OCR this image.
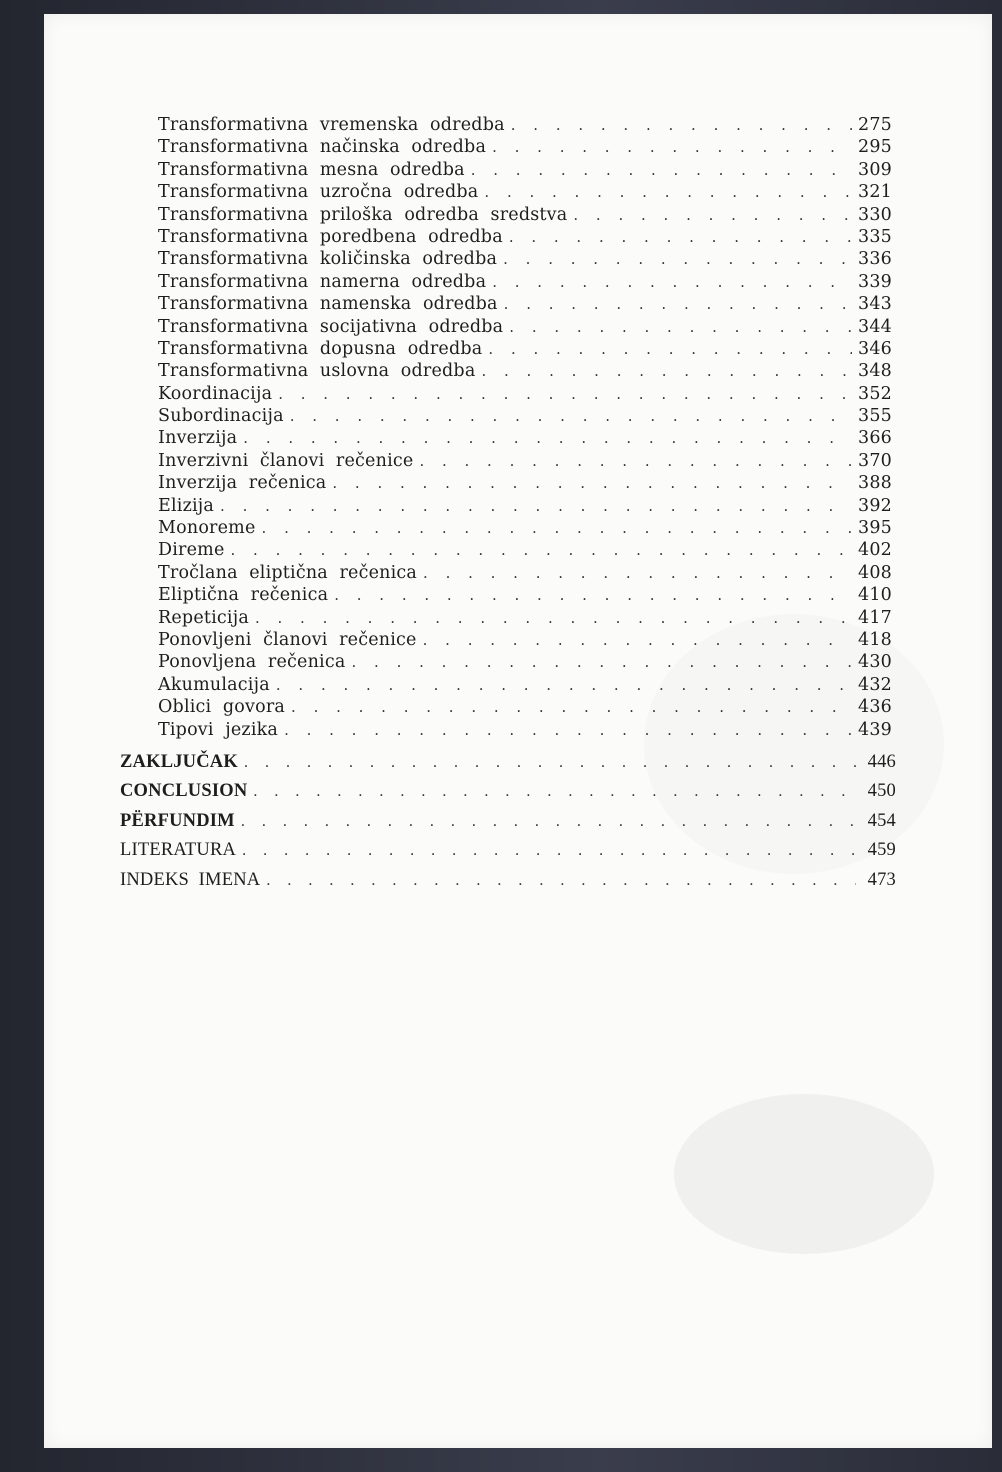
Transformativna  vremenska  odredba . . .	275
Transformativna  načinska  odredba . . .	295
Transformativna  mesna  odredba . . .	309
Transformativna  uzročna  odredba . . .	321
Transformativna  priloška  odredba  sredstva . . .	330
Transformativna  poredbena  odredba . . .	335
Transformativna  količinska  odredba . . .	336
Transformativna  namerna  odredba . . .	339
Transformativna  namenska  odredba . . .	343
Transformativna  socijativna  odredba . . .	344
Transformativna  dopusna  odredba . . .	346
Transformativna  uslovna  odredba . . .	348
Koordinacija . . .	352
Subordinacija . . .	355
Inverzija . . .	366
Inverzivni  članovi  rečenice . . .	370
Inverzija  rečenica . . .	388
Elizija . . .	392
Monoreme . . .	395
Direme . . .	402
Tročlana  eliptična  rečenica . . .	408
Eliptična  rečenica . . .	410
Repeticija . . .	417
Ponovljeni  članovi  rečenice . . .	418
Ponovljena  rečenica . . .	430
Akumulacija . . .	432
Oblici  govora . . .	436
Tipovi  jezika . . .	439
ZAKLJUČAK . . .	446
CONCLUSION . . .	450
PËRFUNDIM . . .	454
LITERATURA . . .	459
INDEKS  IMENA . . .	473
